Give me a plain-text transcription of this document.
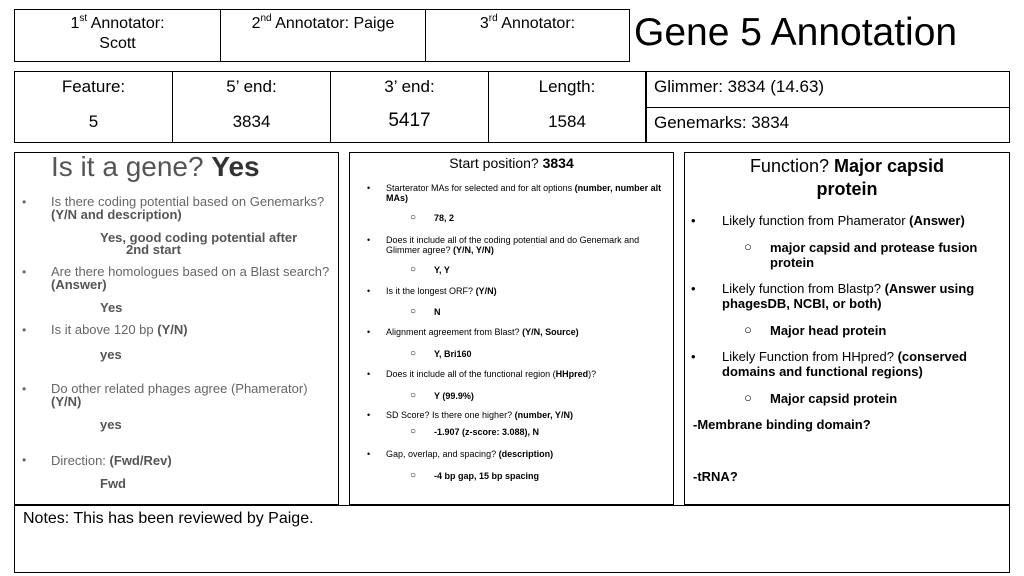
1st Annotator:
Scott
2nd Annotator: Paige	3rd Annotator:	Gene 5 Annotation
Feature:
5
5’ end:
3834
3’ end:
5417
Length:
1584
Glimmer: 3834 (14.63)
Genemarks: 3834
Is it a gene? Yes
• Is there coding potential based on Genemarks? (Y/N and description)
Yes, good coding potential after
2nd start
• Are there homologues based on a Blast search? (Answer)
Yes
• Is it above 120 bp (Y/N)
yes
• Do other related phages agree (Phamerator) (Y/N)
yes
• Direction: (Fwd/Rev)
Fwd
Start position? 3834
• Starterator MAs for selected and for alt options (number, number alt MAs)
○ 78, 2
• Does it include all of the coding potential and do Genemark and Glimmer agree? (Y/N, Y/N)
○ Y, Y
• Is it the longest ORF? (Y/N)
○ N
• Alignment agreement from Blast? (Y/N, Source)
○ Y, Bri160
• Does it include all of the functional region (HHpred)?
○ Y (99.9%)
• SD Score? Is there one higher? (number, Y/N)
○ -1.907 (z-score: 3.088), N
• Gap, overlap, and spacing? (description)
○ -4 bp gap, 15 bp spacing
Function? Major capsid
protein
• Likely function from Phamerator (Answer)
○ major capsid and protease fusion protein
• Likely function from Blastp? (Answer using phagesDB, NCBI, or both)
○ Major head protein
• Likely Function from HHpred? (conserved domains and functional regions)
○ Major capsid protein
-Membrane binding domain?
-tRNA?
Notes: This has been reviewed by Paige.
